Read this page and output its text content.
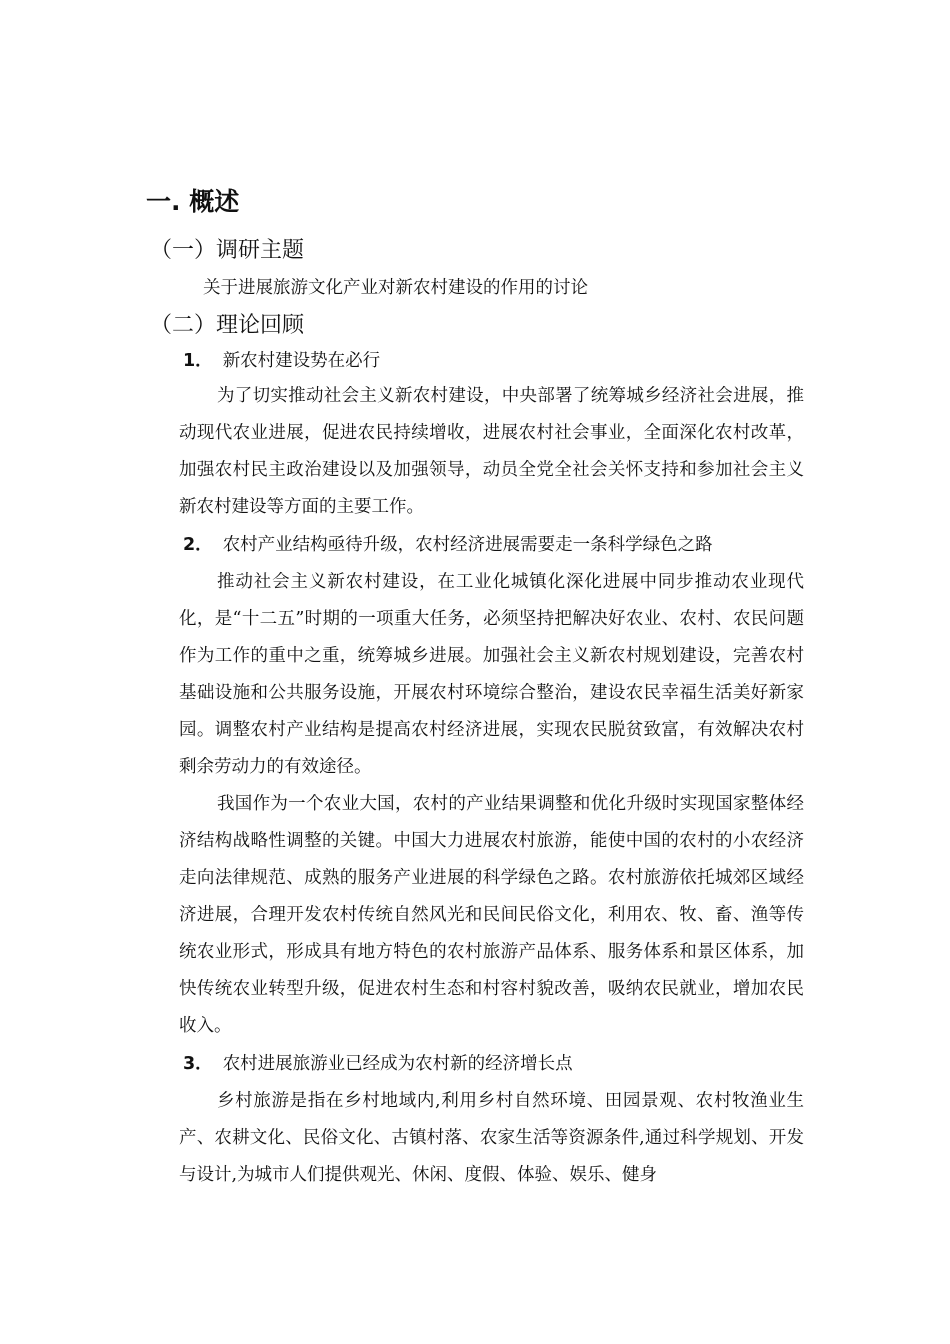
一. 概述
（一）调研主题

关于进展旅游文化产业对新农村建设的作用的讨论

（二）理论回顾
1． 新农村建设势在必行

为了切实推动社会主义新农村建设，中央部署了统筹城乡经济社会进展，推动现代农业进展，促进农民持续增收，进展农村社会事业，全面深化农村改革，加强农村民主政治建设以及加强领导，动员全党全社会关怀支持和参加社会主义新农村建设等方面的主要工作。

2． 农村产业结构亟待升级，农村经济进展需要走一条科学绿色之路

推动社会主义新农村建设，在工业化城镇化深化进展中同步推动农业现代化，是“十二五”时期的一项重大任务，必须坚持把解决好农业、农村、农民问题作为工作的重中之重，统筹城乡进展。加强社会主义新农村规划建设，完善农村基础设施和公共服务设施，开展农村环境综合整治，建设农民幸福生活美好新家园。调整农村产业结构是提高农村经济进展，实现农民脱贫致富，有效解决农村剩余劳动力的有效途径。

我国作为一个农业大国，农村的产业结果调整和优化升级时实现国家整体经济结构战略性调整的关键。中国大力进展农村旅游，能使中国的农村的小农经济走向法律规范、成熟的服务产业进展的科学绿色之路。农村旅游依托城郊区域经济进展，合理开发农村传统自然风光和民间民俗文化，利用农、牧、畜、渔等传统农业形式，形成具有地方特色的农村旅游产品体系、服务体系和景区体系，加快传统农业转型升级，促进农村生态和村容村貌改善，吸纳农民就业，增加农民收入。

3． 农村进展旅游业已经成为农村新的经济增长点

乡村旅游是指在乡村地域内,利用乡村自然环境、田园景观、农村牧渔业生产、农耕文化、民俗文化、古镇村落、农家生活等资源条件,通过科学规划、开发与设计,为城市人们提供观光、休闲、度假、体验、娱乐、健身
